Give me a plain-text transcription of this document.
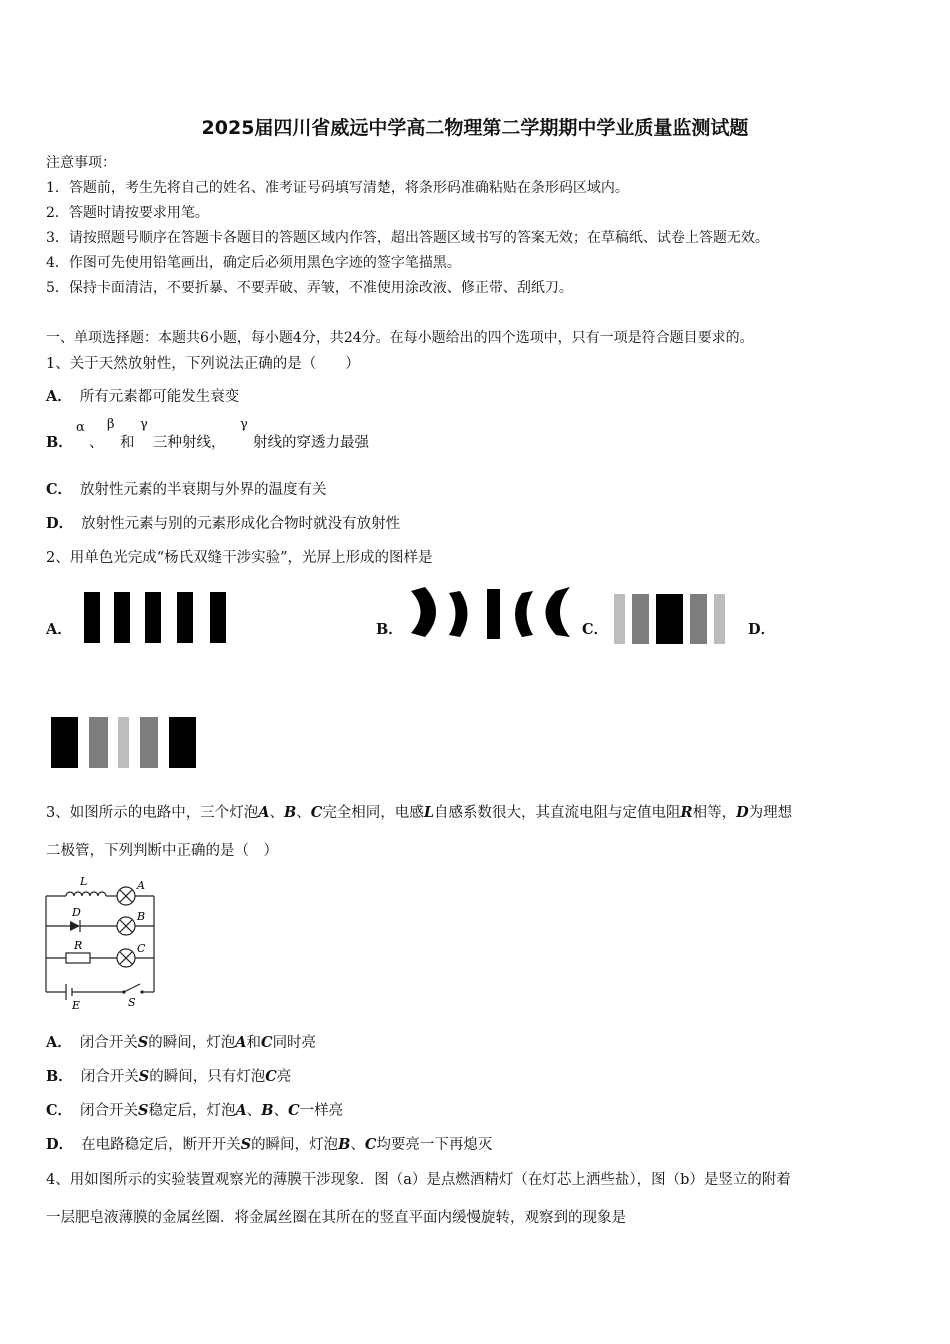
2025届四川省威远中学高二物理第二学期期中学业质量监测试题
注意事项：
1．答题前，考生先将自己的姓名、准考证号码填写清楚，将条形码准确粘贴在条形码区域内。
2．答题时请按要求用笔。
3．请按照题号顺序在答题卡各题目的答题区域内作答，超出答题区域书写的答案无效；在草稿纸、试卷上答题无效。
4．作图可先使用铅笔画出，确定后必须用黑色字迹的签字笔描黑。
5．保持卡面清洁，不要折暴、不要弄破、弄皱，不准使用涂改液、修正带、刮纸刀。
一、单项选择题：本题共6小题，每小题4分，共24分。在每小题给出的四个选项中，只有一项是符合题目要求的。
1、关于天然放射性，下列说法正确的是（　　）
A． 所有元素都可能发生衰变
B．
α
、
β
和
γ
三种射线，
γ
射线的穿透力最强
C． 放射性元素的半衰期与外界的温度有关
D． 放射性元素与别的元素形成化合物时就没有放射性
2、用单色光完成“杨氏双缝干涉实验”，光屏上形成的图样是
A．	B．	C．	D．
3、如图所示的电路中，三个灯泡A、B、C完全相同，电感L自感系数很大，其直流电阻与定值电阻R相等，D为理想
二极管，下列判断中正确的是（　）
L	A
D	B
R	C
E	S
A． 闭合开关S的瞬间，灯泡A和C同时亮
B． 闭合开关S的瞬间，只有灯泡C亮
C． 闭合开关S稳定后，灯泡A、B、C一样亮
D． 在电路稳定后，断开开关S的瞬间，灯泡B、C均要亮一下再熄灭
4、用如图所示的实验装置观察光的薄膜干涉现象．图（a）是点燃酒精灯（在灯芯上洒些盐），图（b）是竖立的附着
一层肥皂液薄膜的金属丝圈．将金属丝圈在其所在的竖直平面内缓慢旋转，观察到的现象是
